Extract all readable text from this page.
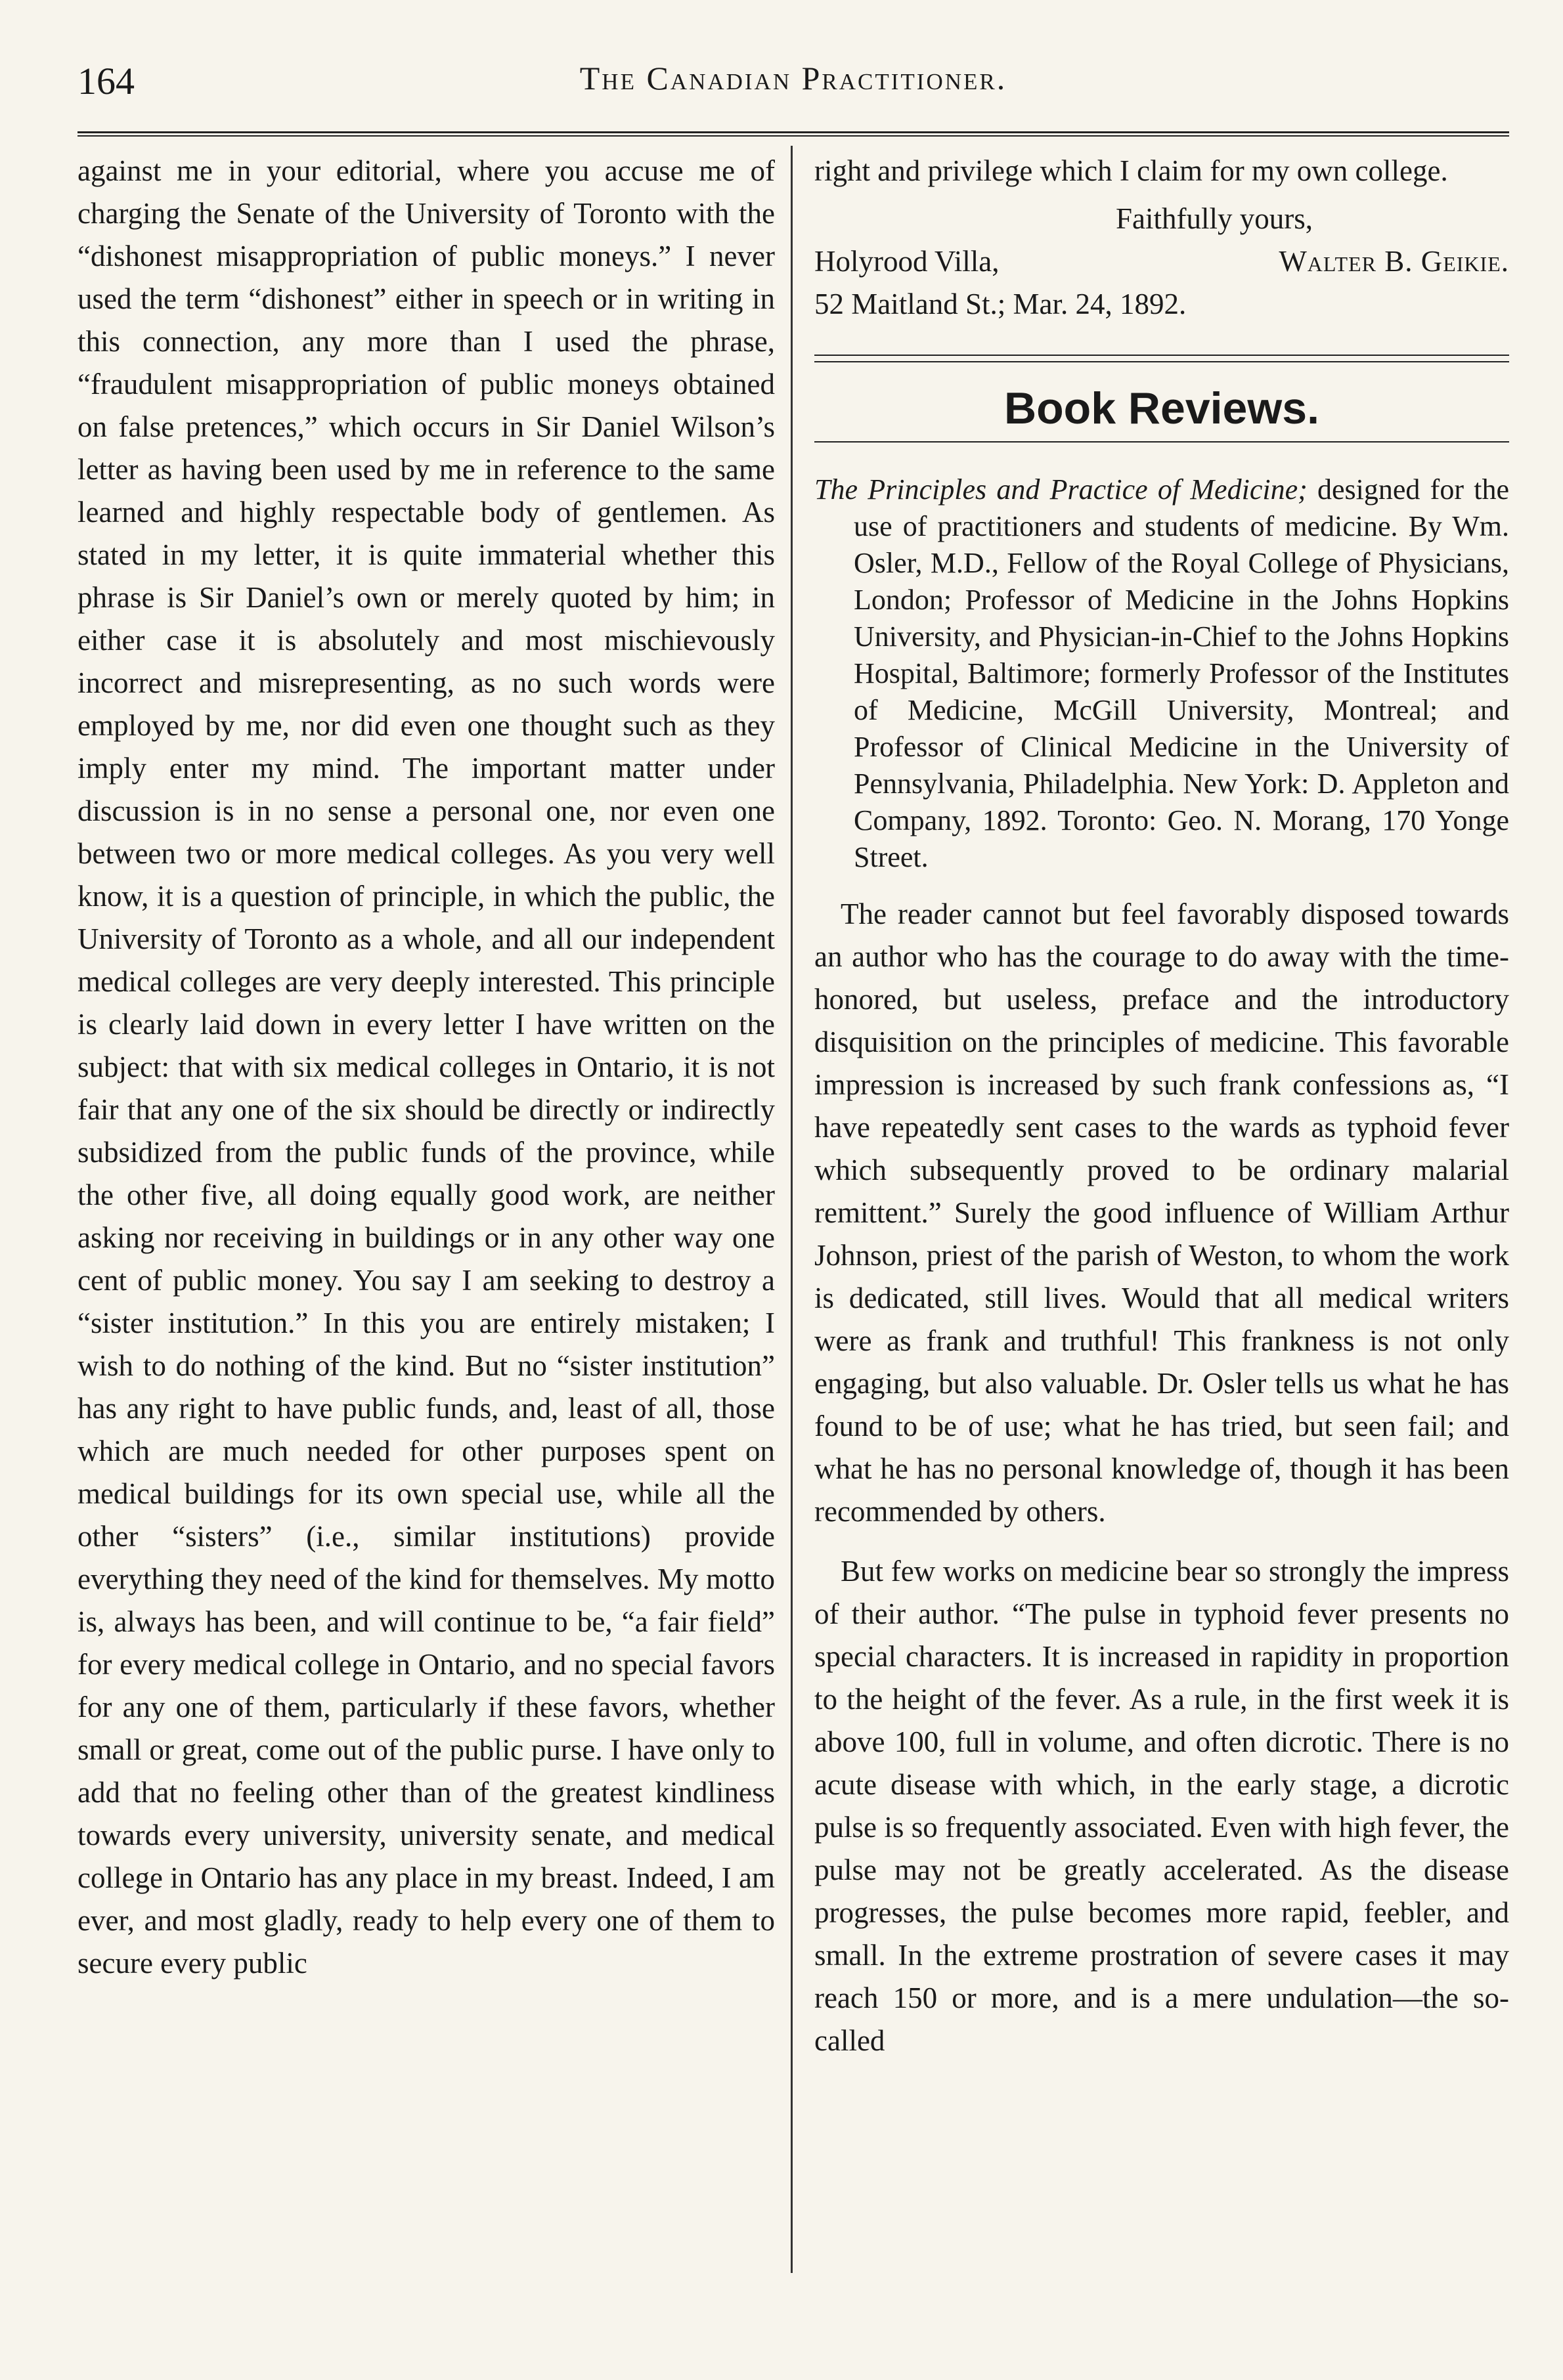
164	The Canadian Practitioner.

against me in your editorial, where you accuse me of charging the Senate of the University of Toronto with the “dishonest misappropriation of public moneys.” I never used the term “dishonest” either in speech or in writing in this connection, any more than I used the phrase, “fraudulent misappropriation of public moneys obtained on false pretences,” which occurs in Sir Daniel Wilson’s letter as having been used by me in reference to the same learned and highly respectable body of gentlemen. As stated in my letter, it is quite immaterial whether this phrase is Sir Daniel’s own or merely quoted by him; in either case it is absolutely and most mischievously incorrect and misrepresenting, as no such words were employed by me, nor did even one thought such as they imply enter my mind. The important matter under discussion is in no sense a personal one, nor even one between two or more medical colleges. As you very well know, it is a question of principle, in which the public, the University of Toronto as a whole, and all our independent medical colleges are very deeply interested. This principle is clearly laid down in every letter I have written on the subject: that with six medical colleges in Ontario, it is not fair that any one of the six should be directly or indirectly subsidized from the public funds of the province, while the other five, all doing equally good work, are neither asking nor receiving in buildings or in any other way one cent of public money. You say I am seeking to destroy a “sister institution.” In this you are entirely mistaken; I wish to do nothing of the kind. But no “sister institution” has any right to have public funds, and, least of all, those which are much needed for other purposes spent on medical buildings for its own special use, while all the other “sisters” (i.e., similar institutions) provide everything they need of the kind for themselves. My motto is, always has been, and will continue to be, “a fair field” for every medical college in Ontario, and no special favors for any one of them, particularly if these favors, whether small or great, come out of the public purse. I have only to add that no feeling other than of the greatest kindliness towards every university, university senate, and medical college in Ontario has any place in my breast. Indeed, I am ever, and most gladly, ready to help every one of them to secure every public

right and privilege which I claim for my own college.

Faithfully yours,

Holyrood Villa,	Walter B. Geikie.

52 Maitland St.; Mar. 24, 1892.

Book Reviews.

The Principles and Practice of Medicine; designed for the use of practitioners and students of medicine. By Wm. Osler, M.D., Fellow of the Royal College of Physicians, London; Professor of Medicine in the Johns Hopkins University, and Physician-in-Chief to the Johns Hopkins Hospital, Baltimore; formerly Professor of the Institutes of Medicine, McGill University, Montreal; and Professor of Clinical Medicine in the University of Pennsylvania, Philadelphia. New York: D. Appleton and Company, 1892. Toronto: Geo. N. Morang, 170 Yonge Street.

The reader cannot but feel favorably disposed towards an author who has the courage to do away with the time-honored, but useless, preface and the introductory disquisition on the principles of medicine. This favorable impression is increased by such frank confessions as, “I have repeatedly sent cases to the wards as typhoid fever which subsequently proved to be ordinary malarial remittent.” Surely the good influence of William Arthur Johnson, priest of the parish of Weston, to whom the work is dedicated, still lives. Would that all medical writers were as frank and truthful! This frankness is not only engaging, but also valuable. Dr. Osler tells us what he has found to be of use; what he has tried, but seen fail; and what he has no personal knowledge of, though it has been recommended by others.

But few works on medicine bear so strongly the impress of their author. “The pulse in typhoid fever presents no special characters. It is increased in rapidity in proportion to the height of the fever. As a rule, in the first week it is above 100, full in volume, and often dicrotic. There is no acute disease with which, in the early stage, a dicrotic pulse is so frequently associated. Even with high fever, the pulse may not be greatly accelerated. As the disease progresses, the pulse becomes more rapid, feebler, and small. In the extreme prostration of severe cases it may reach 150 or more, and is a mere undulation—the so-called
